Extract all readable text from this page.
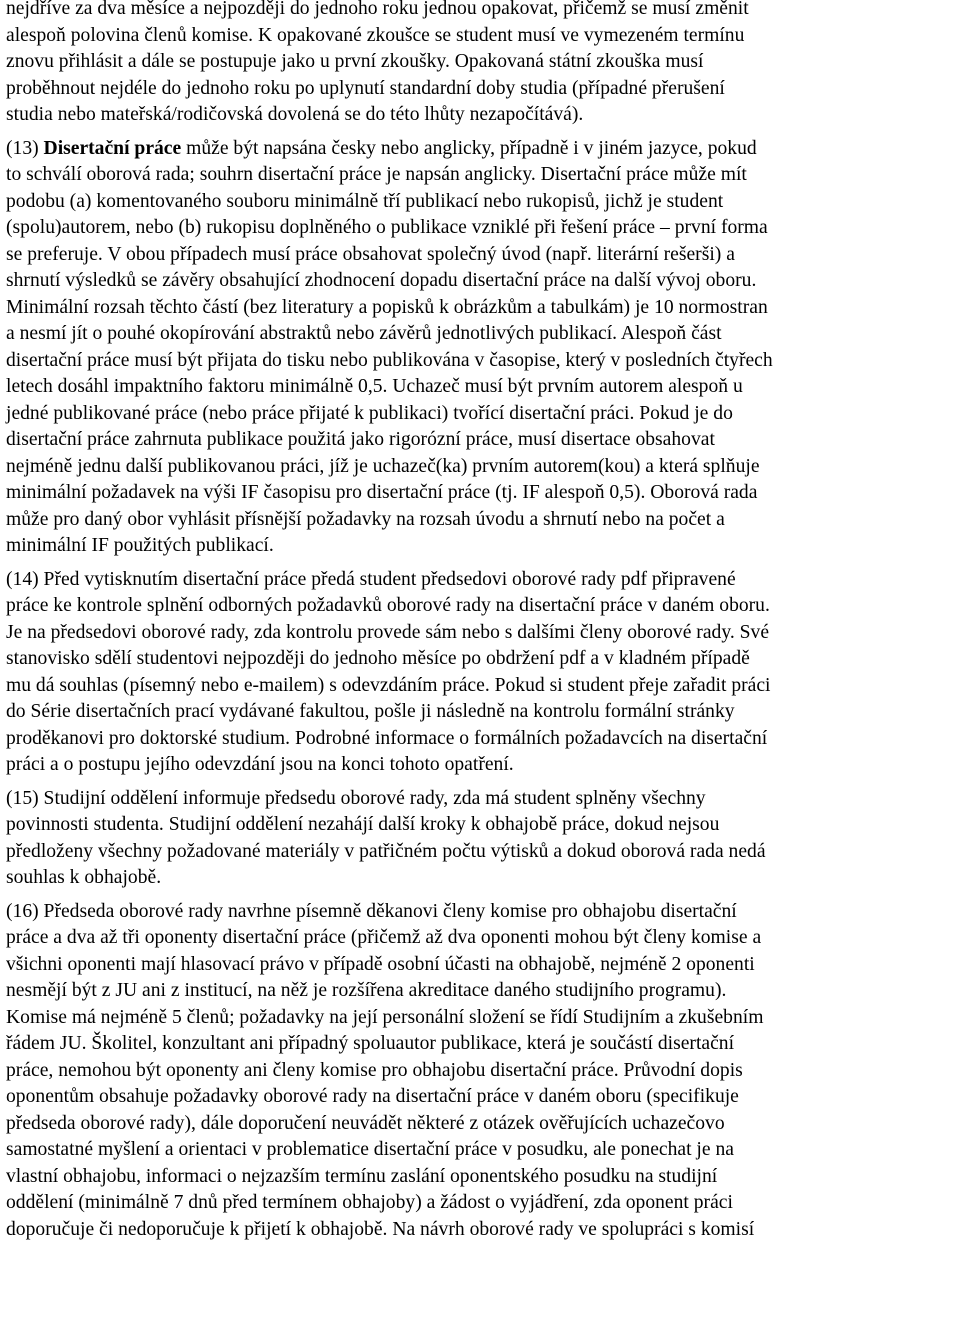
nejdříve za dva měsíce a nejpozději do jednoho roku jednou opakovat, přičemž se musí změnit
alespoň polovina členů komise. K opakované zkoušce se student musí ve vymezeném termínu
znovu přihlásit a dále se postupuje jako u první zkoušky. Opakovaná státní zkouška musí
proběhnout nejdéle do jednoho roku po uplynutí standardní doby studia (případné přerušení
studia nebo mateřská/rodičovská dovolená se do této lhůty nezapočítává).

(13) Disertační práce může být napsána česky nebo anglicky, případně i v jiném jazyce, pokud
to schválí oborová rada; souhrn disertační práce je napsán anglicky. Disertační práce může mít
podobu (a) komentovaného souboru minimálně tří publikací nebo rukopisů, jichž je student
(spolu)autorem, nebo (b) rukopisu doplněného o publikace vzniklé při řešení práce – první forma
se preferuje. V obou případech musí práce obsahovat společný úvod (např. literární rešerši) a
shrnutí výsledků se závěry obsahující zhodnocení dopadu disertační práce na další vývoj oboru.
Minimální rozsah těchto částí (bez literatury a popisků k obrázkům a tabulkám) je 10 normostran
a nesmí jít o pouhé okopírování abstraktů nebo závěrů jednotlivých publikací. Alespoň část
disertační práce musí být přijata do tisku nebo publikována v časopise, který v posledních čtyřech
letech dosáhl impaktního faktoru minimálně 0,5. Uchazeč musí být prvním autorem alespoň u
jedné publikované práce (nebo práce přijaté k publikaci) tvořící disertační práci. Pokud je do
disertační práce zahrnuta publikace použitá jako rigorózní práce, musí disertace obsahovat
nejméně jednu další publikovanou práci, jíž je uchazeč(ka) prvním autorem(kou) a která splňuje
minimální požadavek na výši IF časopisu pro disertační práce (tj. IF alespoň 0,5). Oborová rada
může pro daný obor vyhlásit přísnější požadavky na rozsah úvodu a shrnutí nebo na počet a
minimální IF použitých publikací.

(14) Před vytisknutím disertační práce předá student předsedovi oborové rady pdf připravené
práce ke kontrole splnění odborných požadavků oborové rady na disertační práce v daném oboru.
Je na předsedovi oborové rady, zda kontrolu provede sám nebo s dalšími členy oborové rady. Své
stanovisko sdělí studentovi nejpozději do jednoho měsíce po obdržení pdf a v kladném případě
mu dá souhlas (písemný nebo e-mailem) s odevzdáním práce. Pokud si student přeje zařadit práci
do Série disertačních prací vydávané fakultou, pošle ji následně na kontrolu formální stránky
proděkanovi pro doktorské studium. Podrobné informace o formálních požadavcích na disertační
práci a o postupu jejího odevzdání jsou na konci tohoto opatření.

(15) Studijní oddělení informuje předsedu oborové rady, zda má student splněny všechny
povinnosti studenta. Studijní oddělení nezahájí další kroky k obhajobě práce, dokud nejsou
předloženy všechny požadované materiály v patřičném počtu výtisků a dokud oborová rada nedá
souhlas k obhajobě.

(16) Předseda oborové rady navrhne písemně děkanovi členy komise pro obhajobu disertační
práce a dva až tři oponenty disertační práce (přičemž až dva oponenti mohou být členy komise a
všichni oponenti mají hlasovací právo v případě osobní účasti na obhajobě, nejméně 2 oponenti
nesmějí být z JU ani z institucí, na něž je rozšířena akreditace daného studijního programu).
Komise má nejméně 5 členů; požadavky na její personální složení se řídí Studijním a zkušebním
řádem JU. Školitel, konzultant ani případný spoluautor publikace, která je součástí disertační
práce, nemohou být oponenty ani členy komise pro obhajobu disertační práce. Průvodní dopis
oponentům obsahuje požadavky oborové rady na disertační práce v daném oboru (specifikuje
předseda oborové rady), dále doporučení neuvádět některé z otázek ověřujících uchazečovo
samostatné myšlení a orientaci v problematice disertační práce v posudku, ale ponechat je na
vlastní obhajobu, informaci o nejzazším termínu zaslání oponentského posudku na studijní
oddělení (minimálně 7 dnů před termínem obhajoby) a žádost o vyjádření, zda oponent práci
doporučuje či nedoporučuje k přijetí k obhajobě. Na návrh oborové rady ve spolupráci s komisí
